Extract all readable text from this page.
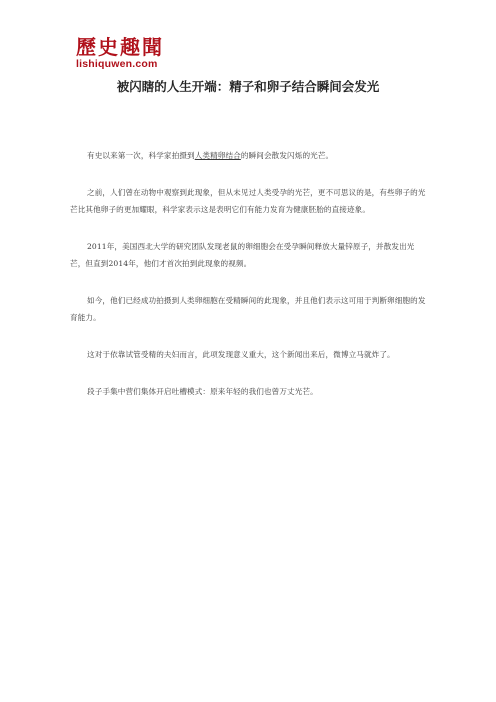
歷史趣聞
lishiquwen.com
被闪瞎的人生开端：精子和卵子结合瞬间会发光

有史以来第一次，科学家拍摄到人类精卵结合的瞬间会散发闪烁的光芒。

之前，人们曾在动物中观察到此现象，但从未见过人类受孕的光芒，更不可思议的是，有些卵子的光芒比其他卵子的更加耀眼，科学家表示这是表明它们有能力发育为健康胚胎的直接迹象。

2011年，美国西北大学的研究团队发现老鼠的卵细胞会在受孕瞬间释放大量锌原子，并散发出光芒，但直到2014年，他们才首次拍到此现象的视频。

如今，他们已经成功拍摄到人类卵细胞在受精瞬间的此现象，并且他们表示这可用于判断卵细胞的发育能力。

这对于依靠试管受精的夫妇而言，此项发现意义重大，这个新闻出来后，微博立马就炸了。

段子手集中营们集体开启吐槽模式：原来年轻的我们也曾万丈光芒。
